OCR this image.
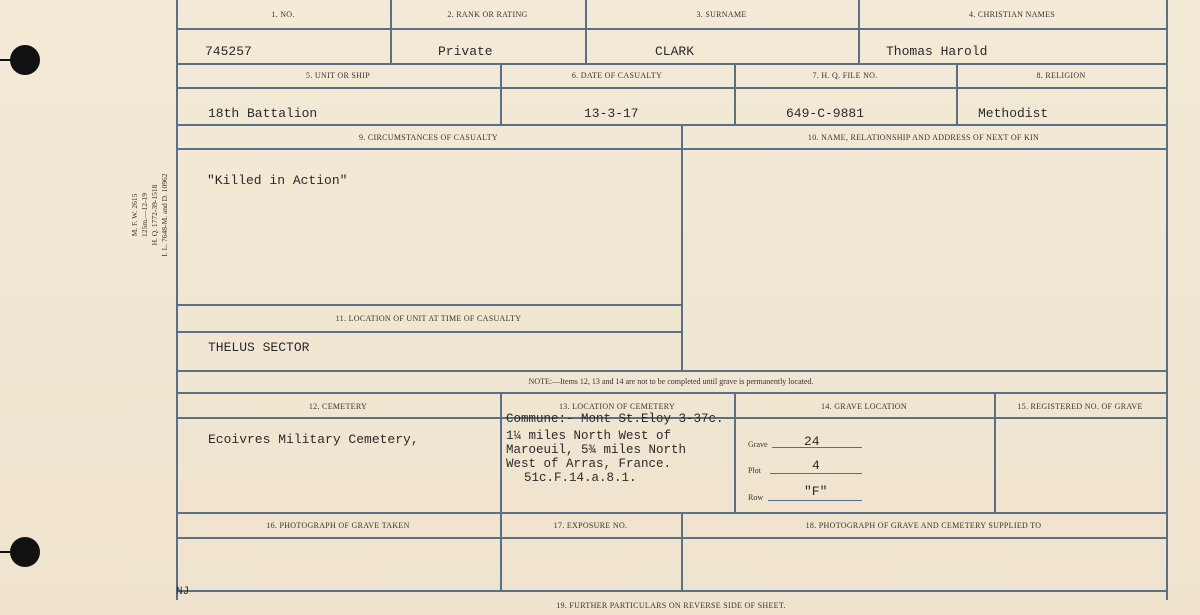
M. F. W. 2615 125m.—12-19 H. Q. 1772-39-1518 I. L. 7648-M. and D. 10962
1. NO.	2. RANK OR RATING	3. SURNAME	4. CHRISTIAN NAMES
745257	Private	CLARK	Thomas Harold
5. UNIT OR SHIP	6. DATE OF CASUALTY	7. H. Q. FILE NO.	8. RELIGION
18th Battalion	13-3-17	649-C-9881	Methodist
9. CIRCUMSTANCES OF CASUALTY	10. NAME, RELATIONSHIP AND ADDRESS OF NEXT OF KIN
"Killed in Action"
11. LOCATION OF UNIT AT TIME OF CASUALTY
THELUS SECTOR
NOTE:—Items 12, 13 and 14 are not to be completed until grave is permanently located.
12. CEMETERY	13. LOCATION OF CEMETERY	14. GRAVE LOCATION	15. REGISTERED NO. OF GRAVE
Ecoivres Military Cemetery,
Commune:- Mont St.Eloy 3-37c.
1¼ miles North West of
Maroeuil, 5¾ miles North
West of Arras, France.
51c.F.14.a.8.1.
Grave	24
Plot	4
Row	"F"
16. PHOTOGRAPH OF GRAVE TAKEN	17. EXPOSURE NO.	18. PHOTOGRAPH OF GRAVE AND CEMETERY SUPPLIED TO
NJ
19. FURTHER PARTICULARS ON REVERSE SIDE OF SHEET.
